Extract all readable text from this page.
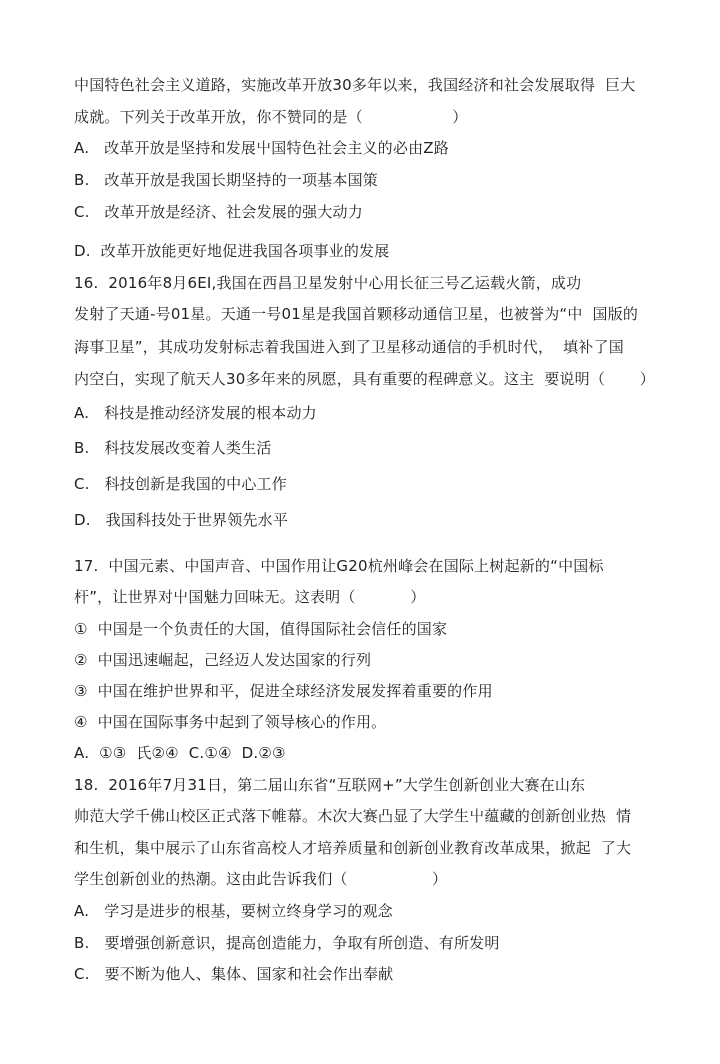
中国特色社会主义道路，实施改革开放30多年以来，我国经济和社会发展取得  巨大
成就。下列关于改革开放，你不赞同的是（                  ）
A.   改革开放是坚持和发展屮国特色社会主义的必由Z路
B.   改革开放是我国长期坚持的一项基本国策
C.   改革开放是经济、社会发展的强大动力
D.  改革开放能更好地促进我国各项事业的发展
16.  2016年8月6EI,我国在西昌卫星发射屮心用长征三号乙运载火箭，成功
发射了天通-号01星。天通一号01星是我国首颗移动通信卫星，也被誉为“中  国版的
海事卫星”，其成功发射标志着我国进入到了卫星移动通信的手机时代，  填补了国
内空白，实现了航天人30多年来的夙愿，具有重要的程碑意义。这主  要说明（       ）
A.   科技是推动经济发展的根本动力
B.   科技发展改变着人类生活
C.   科技创新是我国的中心工作
D.   我国科技处于世界领先水平
17.  中国元素、中国声音、中国作用让G20杭州峰会在国际上树起新的“中国标
杆”，让世界对屮国魅力回味无。这表明（           ）
①  中国是一个负责任的大国，值得国际社会信任的国家
②  中国迅速崛起，己经迈人发达国家的行列
③  中国在维护世界和平，促进全球经济发展发挥着重要的作用
④  中国在国际事务中起到了领导核心的作用。
A.  ①③  氏②④  C.①④  D.②③
18.  2016年7月31日，第二届山东省“互联网+”大学生创新创业大赛在山东
帅范大学千佛山校区正式落下帷幕。木次大赛凸显了大学生屮蕴藏的创新创业热  情
和生机，集中展示了山东省高校人才培养质量和创新创业教育改革成果，掀起  了大
学生创新创业的热潮。这由此告诉我们（                 ）
A.   学习是进步的根基，要树立终身学习的观念
B.   要增强创新意识，提高创造能力，争取有所创造、有所发明
C.   要不断为他人、集体、国家和社会作出奉献
